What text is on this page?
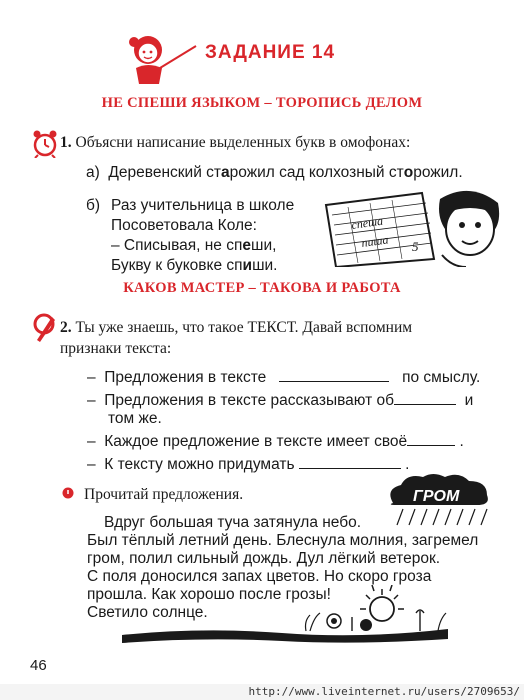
ЗАДАНИЕ 14
НЕ СПЕШИ ЯЗЫКОМ – ТОРОПИСЬ ДЕЛОМ
1. Объясни написание выделенных букв в омофонах:
а) Деревенский старожил сад колхозный сторожил.
б) Раз учительница в школе
Посоветовала Коле:
– Списывая, не спеши,
Букву к буковке спиши.
спеша
пиша 5
КАКОВ МАСТЕР – ТАКОВА И РАБОТА
2. Ты уже знаешь, что такое ТЕКСТ. Давай вспомним
признаки текста:
– Предложения в тексте	по смыслу.
– Предложения в тексте рассказывают об	и
том же.
– Каждое предложение в тексте имеет своё	.
– К тексту можно придумать	.
Прочитай предложения.	ГРОМ
Вдруг большая туча затянула небо.
Был тёплый летний день. Блеснула молния, загремел
гром, полил сильный дождь. Дул лёгкий ветерок.
С поля доносился запах цветов. Но скоро гроза
прошла. Как хорошо после грозы!
Светило солнце.
46
http://www.liveinternet.ru/users/2709653/
